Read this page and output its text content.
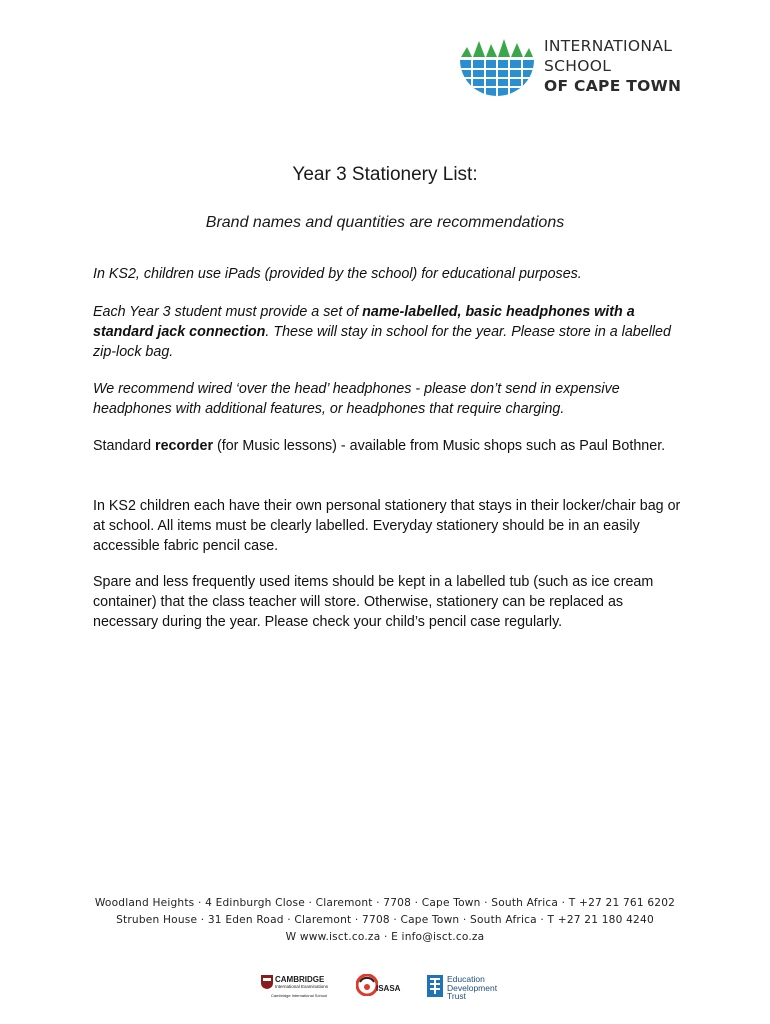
INTERNATIONAL
SCHOOL
OF CAPE TOWN
Year 3 Stationery List:
Brand names and quantities are recommendations

In KS2, children use iPads (provided by the school) for educational purposes.

Each Year 3 student must provide a set of name-labelled, basic headphones with a standard jack connection. These will stay in school for the year. Please store in a labelled zip-lock bag.

We recommend wired ‘over the head’ headphones - please don’t send in expensive headphones with additional features, or headphones that require charging.

Standard recorder (for Music lessons) - available from Music shops such as Paul Bothner.

In KS2 children each have their own personal stationery that stays in their locker/chair bag or at school. All items must be clearly labelled. Everyday stationery should be in an easily accessible fabric pencil case.

Spare and less frequently used items should be kept in a labelled tub (such as ice cream container) that the class teacher will store. Otherwise, stationery can be replaced as necessary during the year. Please check your child’s pencil case regularly.

Woodland Heights · 4 Edinburgh Close · Claremont · 7708 · Cape Town · South Africa · T +27 21 761 6202
Struben House · 31 Eden Road · Claremont · 7708 · Cape Town · South Africa · T +27 21 180 4240
W www.isct.co.za · E info@isct.co.za
CAMBRIDGE
International Examinations
Cambridge International School
ISASA
Education
Development
Trust
